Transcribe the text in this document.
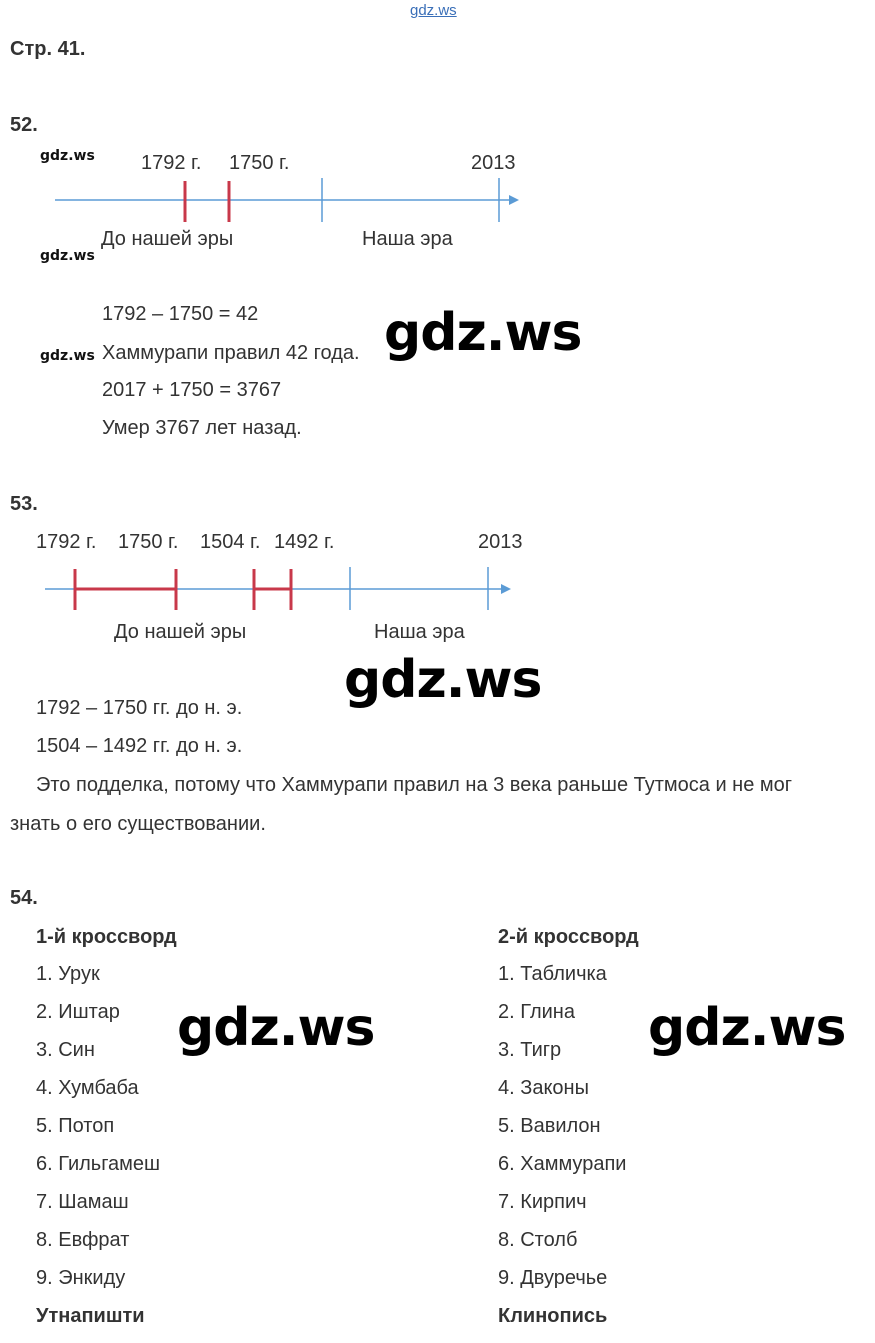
gdz.ws
Стр. 41.
52.
gdz.ws
gdz.ws
gdz.ws
1792 г. 1750 г.	2013
До нашей эры	Наша эра
1792 – 1750 = 42
Хаммурапи правил 42 года.
2017 + 1750 = 3767
Умер 3767 лет назад.
gdz.ws
53.
1792 г. 1750 г. 1504 г. 1492 г.	2013
До нашей эры	Наша эра
gdz.ws
1792 – 1750 гг. до н. э.
1504 – 1492 гг. до н. э.
Это подделка, потому что Хаммурапи правил на 3 века раньше Тутмоса и не мог
знать о его существовании.
54.
1-й кроссворд
1. Урук
2. Иштар
3. Син
4. Хумбаба
5. Потоп
6. Гильгамеш
7. Шамаш
8. Евфрат
9. Энкиду
Утнапишти
2-й кроссворд
1. Табличка
2. Глина
3. Тигр
4. Законы
5. Вавилон
6. Хаммурапи
7. Кирпич
8. Столб
9. Двуречье
Клинопись
gdz.ws	gdz.ws
